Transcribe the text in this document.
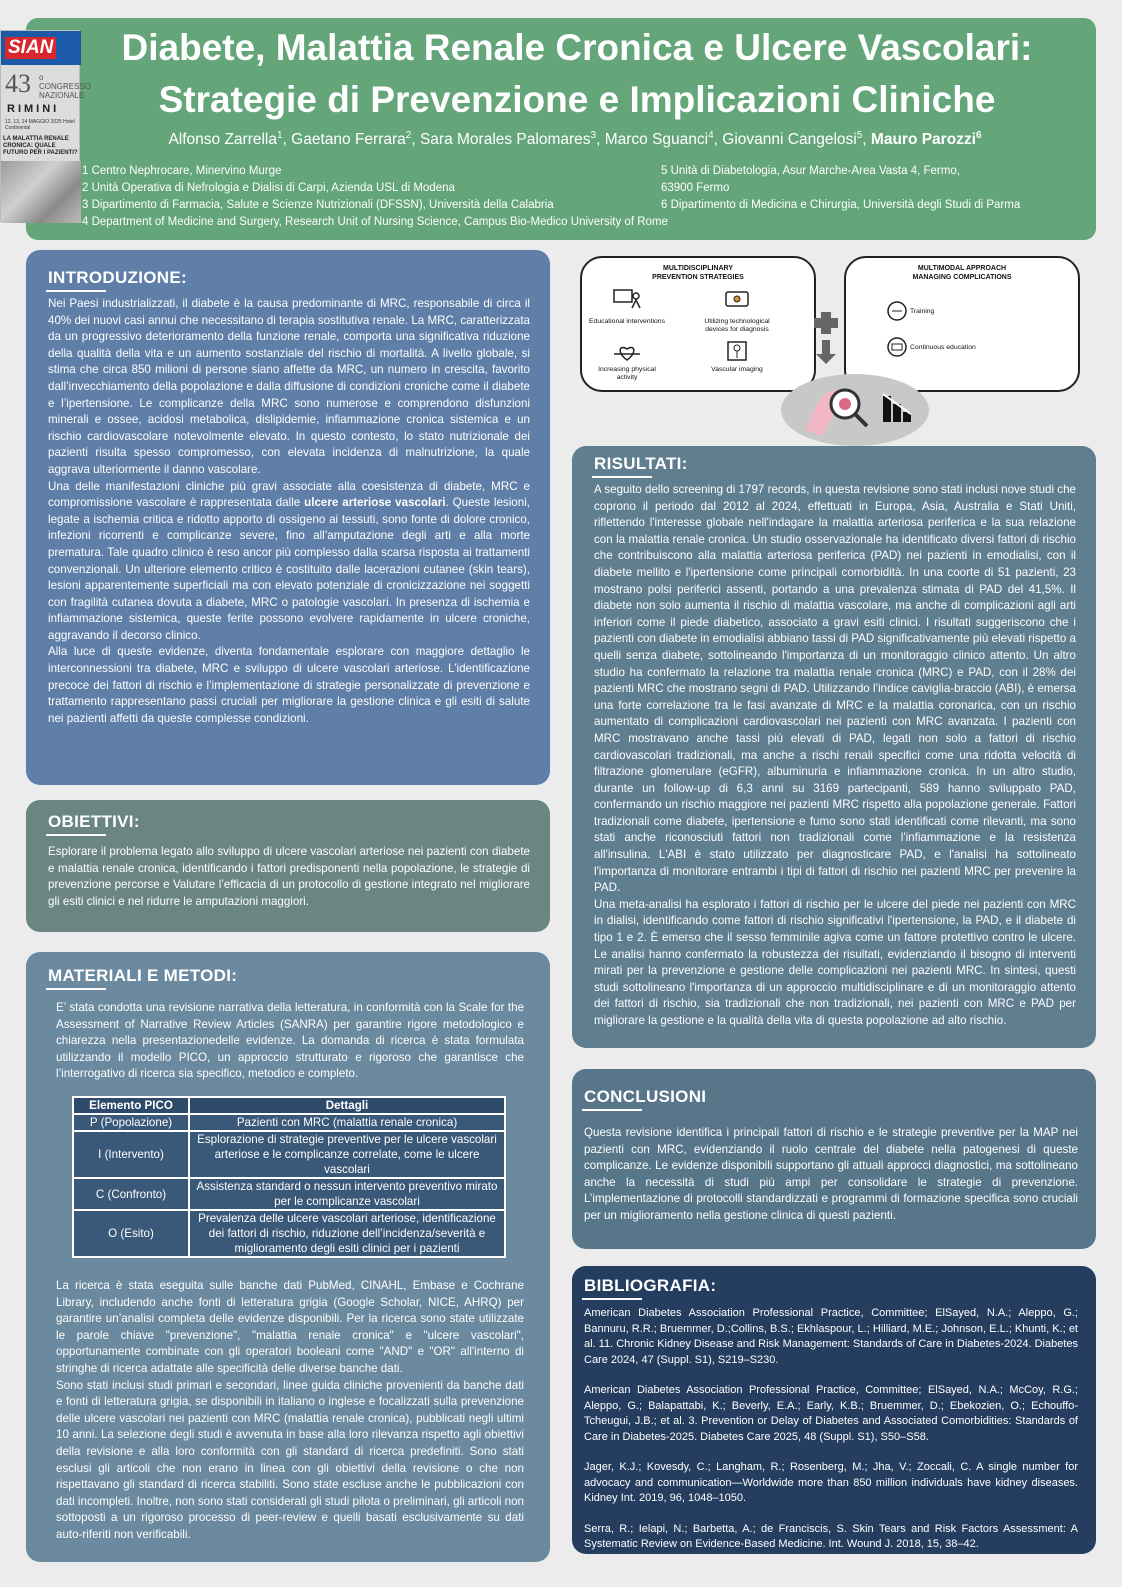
SIAN
43 o CONGRESSO NAZIONALE
RIMINI
12, 13, 14 MAGGIO 2025 Hotel Continental
LA MALATTIA RENALE CRONICA: QUALE FUTURO PER I PAZIENTI?
Diabete, Malattia Renale Cronica e Ulcere Vascolari:
Strategie di Prevenzione e Implicazioni Cliniche
Alfonso Zarrella$^1$, Gaetano Ferrara$^2$, Sara Morales Palomares$^3$, Marco Sguanci$^4$, Giovanni Cangelosi$^5$, Mauro Parozzi$^6$
1 Centro Nephrocare, Minervino Murge
2 Unità Operativa di Nefrologia e Dialisi di Carpi, Azienda USL di Modena
3 Dipartimento di Farmacia, Salute e Scienze Nutrizionali (DFSSN), Università della Calabria
4 Department of Medicine and Surgery, Research Unit of Nursing Science, Campus Bio-Medico University of Rome
5 Unità di Diabetologia, Asur Marche-Area Vasta 4, Fermo, 63900 Fermo
6 Dipartimento di Medicina e Chirurgia, Università degli Studi di Parma
INTRODUZIONE:

Nei Paesi industrializzati, il diabete è la causa predominante di MRC, responsabile di circa il 40% dei nuovi casi annui che necessitano di terapia sostitutiva renale. La MRC, caratterizzata da un progressivo deterioramento della funzione renale, comporta una significativa riduzione della qualità della vita e un aumento sostanziale del rischio di mortalità. A livello globale, si stima che circa 850 milioni di persone siano affette da MRC, un numero in crescita, favorito dall’invecchiamento della popolazione e dalla diffusione di condizioni croniche come il diabete e l’ipertensione. Le complicanze della MRC sono numerose e comprendono disfunzioni minerali e ossee, acidosi metabolica, dislipidemie, infiammazione cronica sistemica e un rischio cardiovascolare notevolmente elevato. In questo contesto, lo stato nutrizionale dei pazienti risulta spesso compromesso, con elevata incidenza di malnutrizione, la quale aggrava ulteriormente il danno vascolare.

Una delle manifestazioni cliniche più gravi associate alla coesistenza di diabete, MRC e compromissione vascolare è rappresentata dalle ulcere arteriose vascolari. Queste lesioni, legate a ischemia critica e ridotto apporto di ossigeno ai tessuti, sono fonte di dolore cronico, infezioni ricorrenti e complicanze severe, fino all’amputazione degli arti e alla morte prematura. Tale quadro clinico è reso ancor più complesso dalla scarsa risposta ai trattamenti convenzionali. Un ulteriore elemento critico è costituito dalle lacerazioni cutanee (skin tears), lesioni apparentemente superficiali ma con elevato potenziale di cronicizzazione nei soggetti con fragilità cutanea dovuta a diabete, MRC o patologie vascolari. In presenza di ischemia e infiammazione sistemica, queste ferite possono evolvere rapidamente in ulcere croniche, aggravando il decorso clinico.

Alla luce di queste evidenze, diventa fondamentale esplorare con maggiore dettaglio le interconnessioni tra diabete, MRC e sviluppo di ulcere vascolari arteriose. L’identificazione precoce dei fattori di rischio e l’implementazione di strategie personalizzate di prevenzione e trattamento rappresentano passi cruciali per migliorare la gestione clinica e gli esiti di salute nei pazienti affetti da queste complesse condizioni.

OBIETTIVI:
Esplorare il problema legato allo sviluppo di ulcere vascolari arteriose nei pazienti con diabete e malattia renale cronica, identificando i fattori predisponenti nella popolazione, le strategie di prevenzione percorse e Valutare l’efficacia di un protocollo di gestione integrato nel migliorare gli esiti clinici e nel ridurre le amputazioni maggiori.
MATERIALI E METODI:
E’ stata condotta una revisione narrativa della letteratura, in conformità con la Scale for the Assessment of Narrative Review Articles (SANRA) per garantire rigore metodologico e chiarezza nella presentazionedelle evidenze. La domanda di ricerca è stata formulata utilizzando il modello PICO, un approccio strutturato e rigoroso che garantisce che l’interrogativo di ricerca sia specifico, metodico e completo.
Elemento PICO	Dettagli
P (Popolazione)	Pazienti con MRC (malattia renale cronica)
I (Intervento)	Esplorazione di strategie preventive per le ulcere vascolari arteriose e le complicanze correlate, come le ulcere vascolari
C (Confronto)	Assistenza standard o nessun intervento preventivo mirato per le complicanze vascolari
O (Esito)	Prevalenza delle ulcere vascolari arteriose, identificazione dei fattori di rischio, riduzione dell’incidenza/severità e miglioramento degli esiti clinici per i pazienti

La ricerca è stata eseguita sulle banche dati PubMed, CINAHL, Embase e Cochrane Library, includendo anche fonti di letteratura grigia (Google Scholar, NICE, AHRQ) per garantire un’analisi completa delle evidenze disponibili. Per la ricerca sono state utilizzate le parole chiave "prevenzione", "malattia renale cronica" e "ulcere vascolari", opportunamente combinate con gli operatori booleani come "AND" e "OR" all'interno di stringhe di ricerca adattate alle specificità delle diverse banche dati.

Sono stati inclusi studi primari e secondari, linee guida cliniche provenienti da banche dati e fonti di letteratura grigia, se disponibili in italiano o inglese e focalizzati sulla prevenzione delle ulcere vascolari nei pazienti con MRC (malattia renale cronica), pubblicati negli ultimi 10 anni. La selezione degli studi è avvenuta in base alla loro rilevanza rispetto agli obiettivi della revisione e alla loro conformità con gli standard di ricerca predefiniti. Sono stati esclusi gli articoli che non erano in linea con gli obiettivi della revisione o che non rispettavano gli standard di ricerca stabiliti. Sono state escluse anche le pubblicazioni con dati incompleti. Inoltre, non sono stati considerati gli studi pilota o preliminari, gli articoli non sottoposti a un rigoroso processo di peer-review e quelli basati esclusivamente su dati auto-riferiti non verificabili.

MULTIDISCIPLINARY
PREVENTION STRATEGIES
Educational interventions	Utilizing technological devices for diagnosis
Increasing physical activity
Vascular imaging
MULTIMODAL APPROACH
MANAGING COMPLICATIONS
Training
Continuous education
RISULTATI:

A seguito dello screening di 1797 records, in questa revisione sono stati inclusi nove studi che coprono il periodo dal 2012 al 2024, effettuati in Europa, Asia, Australia e Stati Uniti, riflettendo l'interesse globale nell'indagare la malattia arteriosa periferica e la sua relazione con la malattia renale cronica. Un studio osservazionale ha identificato diversi fattori di rischio che contribuiscono alla malattia arteriosa periferica (PAD) nei pazienti in emodialisi, con il diabete mellito e l'ipertensione come principali comorbidità. In una coorte di 51 pazienti, 23 mostrano polsi periferici assenti, portando a una prevalenza stimata di PAD del 41,5%. Il diabete non solo aumenta il rischio di malattia vascolare, ma anche di complicazioni agli arti inferiori come il piede diabetico, associato a gravi esiti clinici. I risultati suggeriscono che i pazienti con diabete in emodialisi abbiano tassi di PAD significativamente più elevati rispetto a quelli senza diabete, sottolineando l'importanza di un monitoraggio clinico attento. Un altro studio ha confermato la relazione tra malattia renale cronica (MRC) e PAD, con il 28% dei pazienti MRC che mostrano segni di PAD. Utilizzando l’indice caviglia-braccio (ABI), è emersa una forte correlazione tra le fasi avanzate di MRC e la malattia coronarica, con un rischio aumentato di complicazioni cardiovascolari nei pazienti con MRC avanzata. I pazienti con MRC mostravano anche tassi più elevati di PAD, legati non solo a fattori di rischio cardiovascolari tradizionali, ma anche a rischi renali specifici come una ridotta velocità di filtrazione glomerulare (eGFR), albuminuria e infiammazione cronica. In un altro studio, durante un follow-up di 6,3 anni su 3169 partecipanti, 589 hanno sviluppato PAD, confermando un rischio maggiore nei pazienti MRC rispetto alla popolazione generale. Fattori tradizionali come diabete, ipertensione e fumo sono stati identificati come rilevanti, ma sono stati anche riconosciuti fattori non tradizionali come l'infiammazione e la resistenza all'insulina. L'ABI è stato utilizzato per diagnosticare PAD, e l'analisi ha sottolineato l'importanza di monitorare entrambi i tipi di fattori di rischio nei pazienti MRC per prevenire la PAD.

Una meta-analisi ha esplorato i fattori di rischio per le ulcere del piede nei pazienti con MRC in dialisi, identificando come fattori di rischio significativi l'ipertensione, la PAD, e il diabete di tipo 1 e 2. È emerso che il sesso femminile agiva come un fattore protettivo contro le ulcere. Le analisi hanno confermato la robustezza dei risultati, evidenziando il bisogno di interventi mirati per la prevenzione e gestione delle complicazioni nei pazienti MRC. In sintesi, questi studi sottolineano l'importanza di un approccio multidisciplinare e di un monitoraggio attento dei fattori di rischio, sia tradizionali che non tradizionali, nei pazienti con MRC e PAD per migliorare la gestione e la qualità della vita di questa popolazione ad alto rischio.

CONCLUSIONI
Questa revisione identifica i principali fattori di rischio e le strategie preventive per la MAP nei pazienti con MRC, evidenziando il ruolo centrale del diabete nella patogenesi di queste complicanze. Le evidenze disponibili supportano gli attuali approcci diagnostici, ma sottolineano anche la necessità di studi più ampi per consolidare le strategie di prevenzione. L’implementazione di protocolli standardizzati e programmi di formazione specifica sono cruciali per un miglioramento nella gestione clinica di questi pazienti.
BIBLIOGRAFIA:

American Diabetes Association Professional Practice, Committee; ElSayed, N.A.; Aleppo, G.; Bannuru, R.R.; Bruemmer, D.;Collins, B.S.; Ekhlaspour, L.; Hilliard, M.E.; Johnson, E.L.; Khunti, K.; et al. 11. Chronic Kidney Disease and Risk Management: Standards of Care in Diabetes-2024. Diabetes Care 2024, 47 (Suppl. S1), S219–S230.

American Diabetes Association Professional Practice, Committee; ElSayed, N.A.; McCoy, R.G.; Aleppo, G.; Balapattabi, K.; Beverly, E.A.; Early, K.B.; Bruemmer, D.; Ebekozien, O.; Echouffo-Tcheugui, J.B.; et al. 3. Prevention or Delay of Diabetes and Associated Comorbidities: Standards of Care in Diabetes-2025. Diabetes Care 2025, 48 (Suppl. S1), S50–S58.

Jager, K.J.; Kovesdy, C.; Langham, R.; Rosenberg, M.; Jha, V.; Zoccali, C. A single number for advocacy and communication—Worldwide more than 850 million individuals have kidney diseases. Kidney Int. 2019, 96, 1048–1050.

Serra, R.; Ielapi, N.; Barbetta, A.; de Franciscis, S. Skin Tears and Risk Factors Assessment: A Systematic Review on Evidence-Based Medicine. Int. Wound J. 2018, 15, 38–42.
